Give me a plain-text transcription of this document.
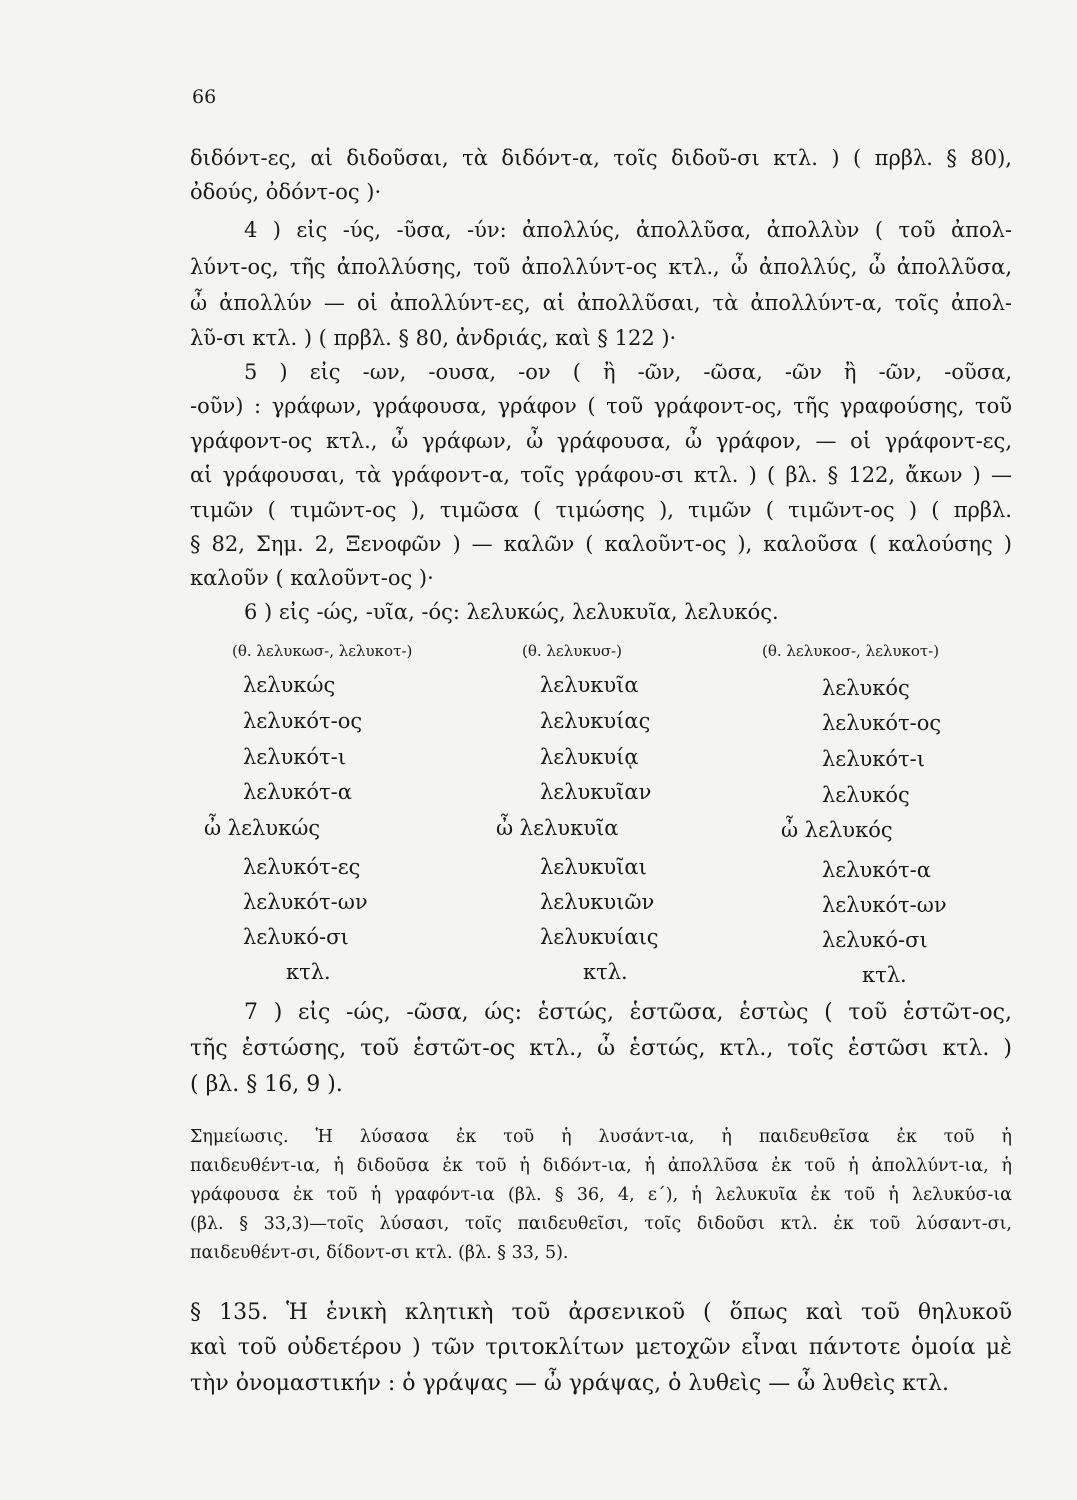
66
διδόντ-ες, αἱ διδοῦσαι, τὰ διδόντ-α, τοῖς διδοῦ-σι κτλ. ) ( πρβλ. § 80),
ὀδούς, ὀδόντ-ος )·
4 ) εἰς -ύς, -ῦσα, -ύν: ἀπολλύς, ἀπολλῦσα, ἀπολλὺν ( τοῦ ἀπολ-
λύντ-ος, τῆς ἀπολλύσης, τοῦ ἀπολλύντ-ος κτλ., ὦ ἀπολλύς, ὦ ἀπολλῦσα,
ὦ ἀπολλύν — οἱ ἀπολλύντ-ες, αἱ ἀπολλῦσαι, τὰ ἀπολλύντ-α, τοῖς ἀπολ-
λῦ-σι κτλ. ) ( πρβλ. § 80, ἀνδριάς, καὶ § 122 )·
5 ) εἰς -ων, -ουσα, -ον ( ἢ -ῶν, -ῶσα, -ῶν ἢ -ῶν, -οῦσα,
-οῦν) : γράφων, γράφουσα, γράφον ( τοῦ γράφοντ-ος, τῆς γραφούσης, τοῦ
γράφοντ-ος κτλ., ὦ γράφων, ὦ γράφουσα, ὦ γράφον, — οἱ γράφοντ-ες,
αἱ γράφουσαι, τὰ γράφοντ-α, τοῖς γράφου-σι κτλ. ) ( βλ. § 122, ἄκων ) —
τιμῶν ( τιμῶντ-ος ), τιμῶσα ( τιμώσης ), τιμῶν ( τιμῶντ-ος ) ( πρβλ.
§ 82, Σημ. 2, Ξενοφῶν ) — καλῶν ( καλοῦντ-ος ), καλοῦσα ( καλούσης )
καλοῦν ( καλοῦντ-ος )·
6 ) εἰς -ώς, -υῖα, -ός: λελυκώς, λελυκυῖα, λελυκός.
(θ. λελυκωσ-, λελυκοτ-)	(θ. λελυκυσ-)	(θ. λελυκοσ-, λελυκοτ-)
λελυκώς
λελυκότ-ος
λελυκότ-ι
λελυκότ-α
ὦ λελυκώς
λελυκότ-ες
λελυκότ-ων
λελυκό-σι
κτλ.
λελυκυῖα
λελυκυίας
λελυκυίᾳ
λελυκυῖαν
ὦ λελυκυῖα
λελυκυῖαι
λελυκυιῶν
λελυκυίαις
κτλ.
λελυκός
λελυκότ-ος
λελυκότ-ι
λελυκός
ὦ λελυκός
λελυκότ-α
λελυκότ-ων
λελυκό-σι
κτλ.
7 ) εἰς -ώς, -ῶσα, ώς: ἑστώς, ἑστῶσα, ἑστὼς ( τοῦ ἑστῶτ-ος,
τῆς ἑστώσης, τοῦ ἑστῶτ-ος κτλ., ὦ ἑστώς, κτλ., τοῖς ἑστῶσι κτλ. )
( βλ. § 16, 9 ).
Σημείωσις. Ἡ λύσασα ἐκ τοῦ ἡ λυσάντ-ια, ἡ παιδευθεῖσα ἐκ τοῦ ἡ
παιδευθέντ-ια, ἡ διδοῦσα ἐκ τοῦ ἡ διδόντ-ια, ἡ ἀπολλῦσα ἐκ τοῦ ἡ ἀπολλύντ-ια, ἡ
γράφουσα ἐκ τοῦ ἡ γραφόντ-ια (βλ. § 36, 4, ε΄), ἡ λελυκυῖα ἐκ τοῦ ἡ λελυκύσ-ια
(βλ. § 33,3)—τοῖς λύσασι, τοῖς παιδευθεῖσι, τοῖς διδοῦσι κτλ. ἐκ τοῦ λύσαντ-σι,
παιδευθέντ-σι, δίδοντ-σι κτλ. (βλ. § 33, 5).
§ 135. Ἡ ἑνικὴ κλητικὴ τοῦ ἀρσενικοῦ ( ὅπως καὶ τοῦ θηλυκοῦ
καὶ τοῦ οὐδετέρου ) τῶν τριτοκλίτων μετοχῶν εἶναι πάντοτε ὁμοία μὲ
τὴν ὀνομαστικήν : ὁ γράψας — ὦ γράψας, ὁ λυθεὶς — ὦ λυθεὶς κτλ.
